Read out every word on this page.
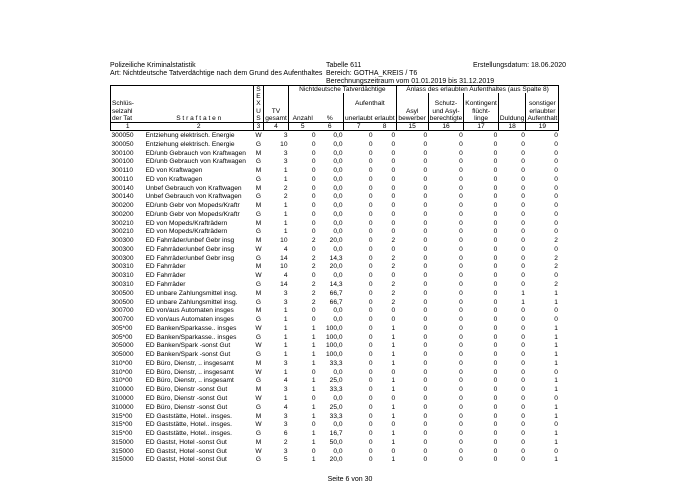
Polizeiliche Kriminalstatistik
Art: Nichtdeutsche Tatverdächtige nach dem Grund des Aufenthaltes
Tabelle 611
Bereich: GOTHA_KREIS / T6
Berechnungszeitraum vom 01.01.2019 bis 31.12.2019
Erstellungsdatum: 18.06.2020
		S		Nichtdeutsche Tatverdächtige				Anlass des erlaubten Aufenthaltes (aus Spalte 8)				
		E										
Schlüs-		X				Aufenthalt			Schutz-	Kontingent		sonstiger
selzahl		U	TV					Asyl	und Asyl-	flücht-		erlaubter
der Tat	S t r a f t a t e n	S	gesamt	Anzahl	%	unerlaubt	erlaubt	bewerber	berechtigte	linge	Duldung	Aufenthalt
1	2	3	4	5	6	7	8	15	16	17	18	19
300050	Entziehung elektrisch. Energie	W	3	0	0,0	0	0	0	0	0	0	0
300050	Entziehung elektrisch. Energie	G	10	0	0,0	0	0	0	0	0	0	0
300100	ED/unb Gebrauch von Kraftwagen	M	3	0	0,0	0	0	0	0	0	0	0
300100	ED/unb Gebrauch von Kraftwagen	G	3	0	0,0	0	0	0	0	0	0	0
300110	ED von Kraftwagen	M	1	0	0,0	0	0	0	0	0	0	0
300110	ED von Kraftwagen	G	1	0	0,0	0	0	0	0	0	0	0
300140	Unbef Gebrauch von Kraftwagen	M	2	0	0,0	0	0	0	0	0	0	0
300140	Unbef Gebrauch von Kraftwagen	G	2	0	0,0	0	0	0	0	0	0	0
300200	ED/unb Gebr von Mopeds/Kraftr	M	1	0	0,0	0	0	0	0	0	0	0
300200	ED/unb Gebr von Mopeds/Kraftr	G	1	0	0,0	0	0	0	0	0	0	0
300210	ED von Mopeds/Krafträdern	M	1	0	0,0	0	0	0	0	0	0	0
300210	ED von Mopeds/Krafträdern	G	1	0	0,0	0	0	0	0	0	0	0
300300	ED Fahrräder/unbef Gebr insg	M	10	2	20,0	0	2	0	0	0	0	2
300300	ED Fahrräder/unbef Gebr insg	W	4	0	0,0	0	0	0	0	0	0	0
300300	ED Fahrräder/unbef Gebr insg	G	14	2	14,3	0	2	0	0	0	0	2
300310	ED Fahrräder	M	10	2	20,0	0	2	0	0	0	0	2
300310	ED Fahrräder	W	4	0	0,0	0	0	0	0	0	0	0
300310	ED Fahrräder	G	14	2	14,3	0	2	0	0	0	0	2
300500	ED unbare Zahlungsmittel insg.	M	3	2	66,7	0	2	0	0	0	1	1
300500	ED unbare Zahlungsmittel insg.	G	3	2	66,7	0	2	0	0	0	1	1
300700	ED von/aus Automaten insges	M	1	0	0,0	0	0	0	0	0	0	0
300700	ED von/aus Automaten insges	G	1	0	0,0	0	0	0	0	0	0	0
305*00	ED Banken/Sparkasse.. insges	W	1	1	100,0	0	1	0	0	0	0	1
305*00	ED Banken/Sparkasse.. insges	G	1	1	100,0	0	1	0	0	0	0	1
305000	ED Banken/Spark -sonst Gut	W	1	1	100,0	0	1	0	0	0	0	1
305000	ED Banken/Spark -sonst Gut	G	1	1	100,0	0	1	0	0	0	0	1
310*00	ED Büro, Dienstr, .. insgesamt	M	3	1	33,3	0	1	0	0	0	0	1
310*00	ED Büro, Dienstr, .. insgesamt	W	1	0	0,0	0	0	0	0	0	0	0
310*00	ED Büro, Dienstr, .. insgesamt	G	4	1	25,0	0	1	0	0	0	0	1
310000	ED Büro, Dienstr -sonst Gut	M	3	1	33,3	0	1	0	0	0	0	1
310000	ED Büro, Dienstr -sonst Gut	W	1	0	0,0	0	0	0	0	0	0	0
310000	ED Büro, Dienstr -sonst Gut	G	4	1	25,0	0	1	0	0	0	0	1
315*00	ED Gaststätte, Hotel.. insges.	M	3	1	33,3	0	1	0	0	0	0	1
315*00	ED Gaststätte, Hotel.. insges.	W	3	0	0,0	0	0	0	0	0	0	0
315*00	ED Gaststätte, Hotel.. insges.	G	6	1	16,7	0	1	0	0	0	0	1
315000	ED Gastst, Hotel -sonst Gut	M	2	1	50,0	0	1	0	0	0	0	1
315000	ED Gastst, Hotel -sonst Gut	W	3	0	0,0	0	0	0	0	0	0	0
315000	ED Gastst, Hotel -sonst Gut	G	5	1	20,0	0	1	0	0	0	0	1
Seite 6 von 30
